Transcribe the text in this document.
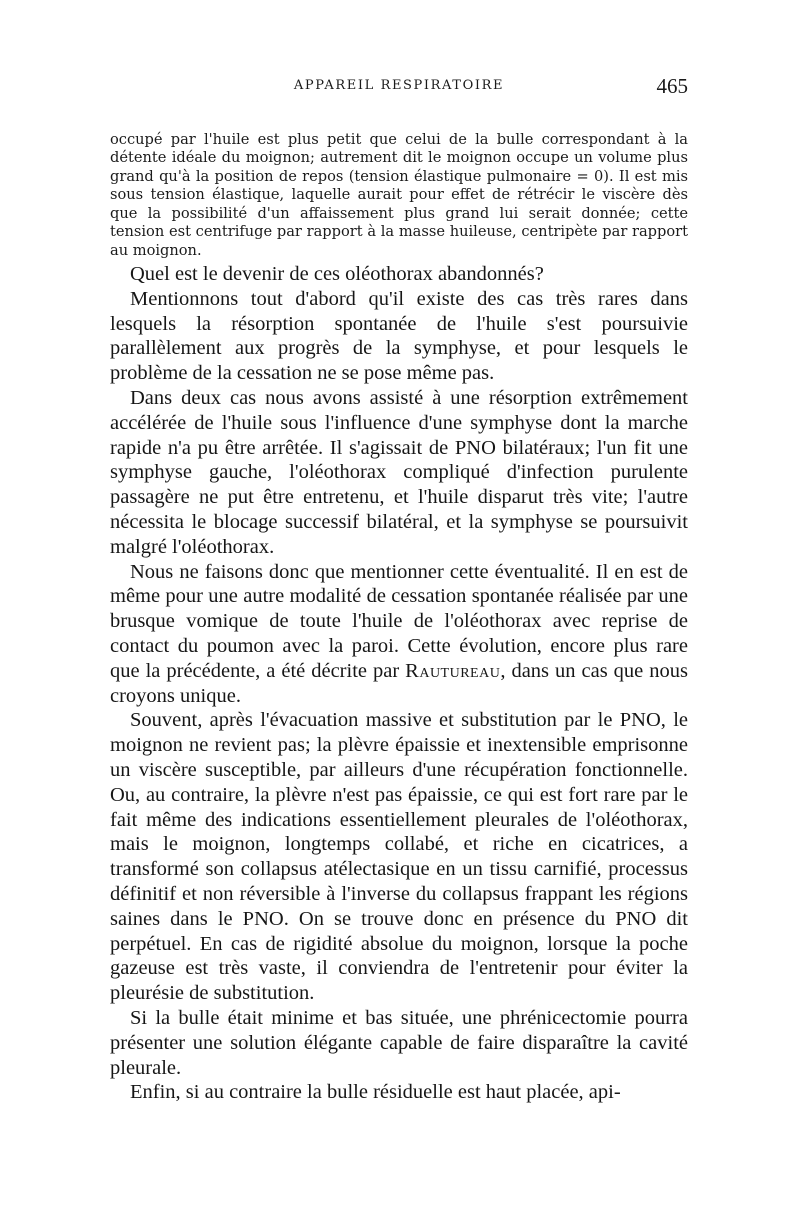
APPAREIL RESPIRATOIRE	465

occupé par l'huile est plus petit que celui de la bulle correspondant à la détente idéale du moignon; autrement dit le moignon occupe un volume plus grand qu'à la position de repos (tension élastique pulmonaire = 0). Il est mis sous tension élastique, laquelle aurait pour effet de rétrécir le viscère dès que la possibilité d'un affaissement plus grand lui serait donnée; cette tension est centrifuge par rapport à la masse huileuse, centripète par rapport au moignon.

Quel est le devenir de ces oléothorax abandonnés?

Mentionnons tout d'abord qu'il existe des cas très rares dans lesquels la résorption spontanée de l'huile s'est poursuivie parallèlement aux progrès de la symphyse, et pour lesquels le problème de la cessation ne se pose même pas.

Dans deux cas nous avons assisté à une résorption extrêmement accélérée de l'huile sous l'influence d'une symphyse dont la marche rapide n'a pu être arrêtée. Il s'agissait de PNO bilatéraux; l'un fit une symphyse gauche, l'oléothorax compliqué d'infection purulente passagère ne put être entretenu, et l'huile disparut très vite; l'autre nécessita le blocage successif bilatéral, et la symphyse se poursuivit malgré l'oléothorax.

Nous ne faisons donc que mentionner cette éventualité. Il en est de même pour une autre modalité de cessation spontanée réalisée par une brusque vomique de toute l'huile de l'oléothorax avec reprise de contact du poumon avec la paroi. Cette évolution, encore plus rare que la précédente, a été décrite par Rautureau, dans un cas que nous croyons unique.

Souvent, après l'évacuation massive et substitution par le PNO, le moignon ne revient pas; la plèvre épaissie et inextensible emprisonne un viscère susceptible, par ailleurs d'une récupération fonctionnelle. Ou, au contraire, la plèvre n'est pas épaissie, ce qui est fort rare par le fait même des indications essentiellement pleurales de l'oléothorax, mais le moignon, longtemps collabé, et riche en cicatrices, a transformé son collapsus atélectasique en un tissu carnifié, processus définitif et non réversible à l'inverse du collapsus frappant les régions saines dans le PNO. On se trouve donc en présence du PNO dit perpétuel. En cas de rigidité absolue du moignon, lorsque la poche gazeuse est très vaste, il conviendra de l'entretenir pour éviter la pleurésie de substitution.

Si la bulle était minime et bas située, une phrénicectomie pourra présenter une solution élégante capable de faire disparaître la cavité pleurale.

Enfin, si au contraire la bulle résiduelle est haut placée, api-
